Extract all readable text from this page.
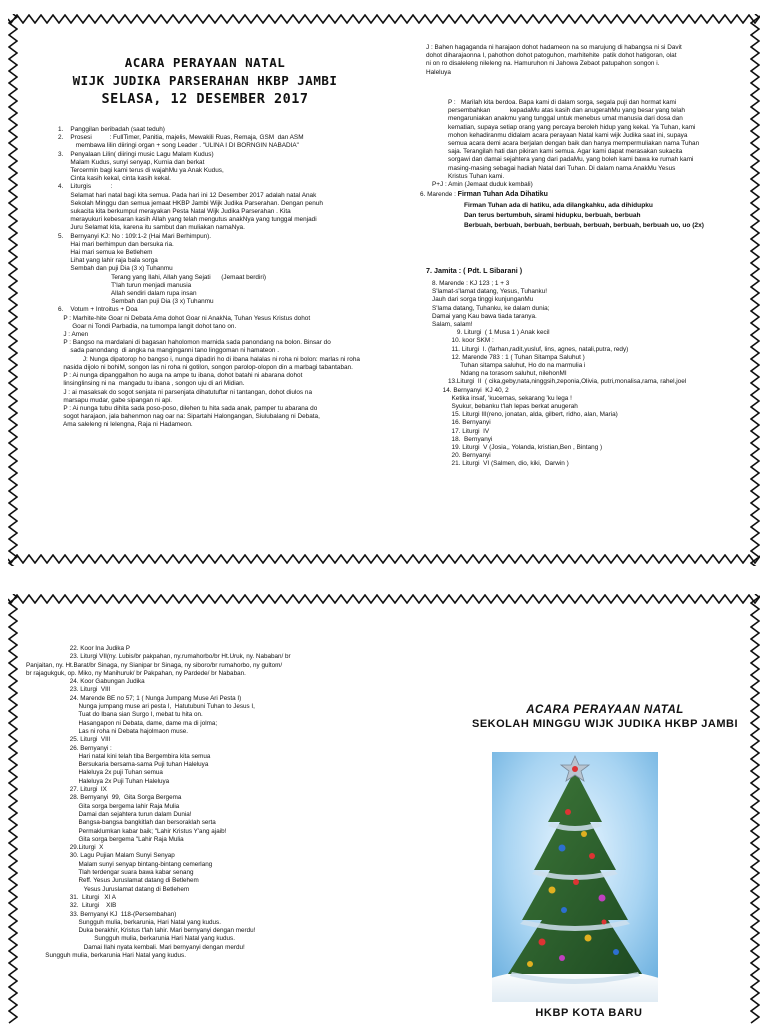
ACARA PERAYAAN NATAL
WIJK JUDIKA PARSERAHAN HKBP JAMBI
SELASA, 12 DESEMBER 2017

1.    Panggilan beribadah (saat teduh)

2.    Prosesi          : FullTimer, Panitia, majelis, Mewakili Ruas, Remaja, GSM  dan ASM

membawa lilin diiringi organ + song Leader . "ULINA I DI BORNGIN NABADIA"

3.    Penyalaan Lilin( diiringi music Lagu Malam Kudus)

Malam Kudus, sunyi senyap, Kurnia dan berkat

Tercermin bagi kami terus di wajahMu ya Anak Kudus,

Cinta kasih kekal, cinta kasih kekal.

4.    Liturgis           :

Selamat hari natal bagi kita semua. Pada hari ini 12 Desember 2017 adalah natal Anak

Sekolah Minggu dan semua jemaat HKBP Jambi Wijk Judika Parserahan. Dengan penuh

sukacita kita berkumpul merayakan Pesta Natal Wijk Judika Parserahan . Kita

merayukuri kebesaran kasih Allah yang telah mengutus anakNya yang tunggal menjadi

Juru Selamat kita, karena itu sambut dan muliakan namaNya.

5.    Bernyanyi KJ: No : 109:1-2 (Hai Mari Berhimpun).

Hai mari berhimpun dan bersuka ria.

Hai mari semua ke Betlehem

Lihat yang lahir raja bala sorga

Sembah dan puji Dia (3 x) Tuhanmu

Terang yang Ilahi, Allah yang Sejati      (Jemaat berdiri)

T'lah turun menjadi manusia

Allah sendiri dalam rupa insan

Sembah dan puji Dia (3 x) Tuhanmu

6.    Votum + Introitus + Doa

P : Marhite-hite Goar ni Debata Ama dohot Goar ni AnakNa, Tuhan Yesus Kristus dohot

Goar ni Tondi Parbadia, na tumompa langit dohot tano on.

J : Amen

P : Bangso na mardalani di bagasan haholomon marnida sada panondang na bolon. Binsar do

sada panondang  di angka na manginganni tano linggoman ni hamateon .

J: Nunga dipatorop ho bangso i, nunga dipadiri ho di ibana halalas ni roha ni bolon: marlas ni roha

nasida dijolo ni bohiM, songon las ni roha ni gotilon, songon parolop-olopon din a marbagi tabantaban.

P : Ai nunga dipanggalhon ho auga na ampe tu ibana, dohot batahi ni abarana dohot

linsinglinsing ni na  mangadu tu ibana , songon uju di ari Midian.

J : ai masaksak do sogot senjata ni parsenjata dihatutuftar ni tantangan, dohot diulos na

marsapu mudar, gabe sipangan ni api.

P : Ai nunga tubu dihita sada poso-poso, dilehen tu hita sada anak, pamper tu abarana do

sogot harajaon, jala bahenmon nag oar na: Sipartahi Halongangan, Siulubalang ni Debata,

Ama saleleng ni lelengna, Raja ni Hadameon.

J : Bahen hagaganda ni harajaon dohot hadameon na so marujung di habangsa ni si Davit

dohot diharajaonna I, pahothon dohot patoguhon, marhitehite  patik dohot hatigoran, olat

ni on ro disaleleng nileleng na. Hamuruhon ni Jahowa Zebaot patupahon songon i.

Haleluya

P :   Marilah kita berdoa. Bapa kami di dalam sorga, segala puji dan hormat kami

persembahkan           kepadaMu atas kasih dan anugerahMu yang besar yang telah

mengaruniakan anakmu yang tunggal untuk menebus umat manusia dari dosa dan

kematian, supaya setiap orang yang percaya beroleh hidup yang kekal. Ya Tuhan, kami

mohon kehadiranmu didalam acara perayaan Natal kami wijk Judika saat ini, supaya

semua acara demi acara berjalan dengan baik dan hanya mempermuliakan nama Tuhan

saja. Terangilah hati dan pikiran kami semua. Agar kami dapat merasakan sukacita

sorgawi dan damai sejahtera yang dari padaMu, yang boleh kami bawa ke rumah kami

masing-masing sebagai hadiah Natal dari Tuhan. Di dalam nama AnakMu Yesus

Kristus Tuhan kami.

P+J : Amin (Jemaat duduk kembali)

6. Marende : Firman Tuhan Ada Dihatiku

Firman Tuhan ada di hatiku, ada dilangkahku, ada dihidupku

Dan terus bertumbuh, sirami hidupku, berbuah, berbuah

Berbuah, berbuah, berbuah, berbuah, berbuah, berbuah, berbuah uo, uo (2x)

7. Jamita : ( Pdt. L Sibarani )

8. Marende : KJ 123 ; 1 + 3

S'lamat-s'lamat datang, Yesus, Tuhanku!

Jauh dari sorga tinggi kunjunganMu

S'lama datang, Tuhanku, ke dalam dunia;

Damai yang Kau bawa tiada taranya.

Salam, salam!

9. Liturgi  ( 1 Musa 1 ) Anak kecil

10. koor SKM :

11. Liturgi  I. (farhan,radit,yusluf, lins, agnes, natali,putra, redy)

12. Marende 783 : 1 ( Tuhan Sitampa Saluhut )

Tuhan sitampa saluhut, Ho do na marmulia i

Ndang na torasom saluhut, nilehonMI

13.Liturgi  II  ( cika,geby,nata,ninggsih,zeponia,Olivia, putri,monalisa,rama, rahel,joel

14. Bernyanyi  KJ 40, 2

Ketika insaf, 'kucemas, sekarang 'ku lega !

Syukur, bebanku t'lah lepas berkat anugerah

15. Liturgi III(reno, jonatan, alda, gilbert, ridho, alan, Maria)

16. Bernyanyi

17. Liturgi  IV

18.  Bernyanyi

19. Liturgi  V (Josia,, Yolanda, kristian,Ben , Bintang )

20. Bernyanyi

21. Liturgi  VI (Salmen, dio, kiki,  Darwin )

22. Koor Ina Judika P

23. Liturgi VII(ny. Lubis/br pakpahan, ny.rumahorbo/br Ht.Uruk, ny. Nababan/ br

Panjaitan, ny. Ht.Barat/br Sinaga, ny Sianipar br Sinaga, ny siboro/br rumahorbo, ny gultom/

br rajagukguk, op. Miko, ny Manihuruk/ br Pakpahan, ny Pardede/ br Nababan.

24. Koor Gabungan Judika

23. Liturgi  VIII

24. Marende BE no 57; 1 ( Nunga Jumpang Muse Ari Pesta I)

Nunga jumpang muse ari pesta I,  Hatutubuni Tuhan to Jesus I,

Tuat do Ibana sian Surgo I, mebat tu hita on.

Hasangapon ni Debata, dame, dame ma di jolma;

Las ni roha ni Debata hajolmaon muse.

25. Liturgi  VIII

26. Bernyanyi :

Hari natal kini telah tiba Bergembira kita semua

Bersukaria bersama-sama Puji tuhan Haleluya

Haleluya 2x puji Tuhan semua

Haleluya 2x Puji Tuhan Haleluya

27. Liturgi  IX

28. Bernyanyi  99,  Gita Sorga Bergema

Gita sorga bergema lahir Raja Mulia

Damai dan sejahtera turun dalam Dunia!

Bangsa-bangsa bangkitlah dan bersoraklah serta

Permaklumkan kabar baik; "Lahir Kristus Y'ang ajaib!

Gita sorga bergema "Lahir Raja Mulia

29.Liturgi  X

30. Lagu Pujian Malam Sunyi Senyap

Malam sunyi senyap bintang-bintang cemerlang

Tlah terdengar suara bawa kabar senang

Reff. Yesus Juruslamat datang di Betlehem

Yesus Juruslamat datang di Betlehem

31.  Liturgi   XI A

32.  Liturgi    XIB

33. Bernyanyi KJ  118-(Persembahan)

Sungguh mulia, berkarunia, Hari Natal yang kudus.

Duka berakhir, Kristus t'lah lahir. Mari bernyanyi dengan merdu!

Sungguh mulia, berkarunia Hari Natal yang kudus.

Damai Ilahi nyata kembali. Mari bernyanyi dengan merdu!

Sungguh mulia, berkarunia Hari Natal yang kudus.

ACARA PERAYAAN NATAL
SEKOLAH MINGGU WIJK JUDIKA HKBP JAMBI
HKBP KOTA BARU
